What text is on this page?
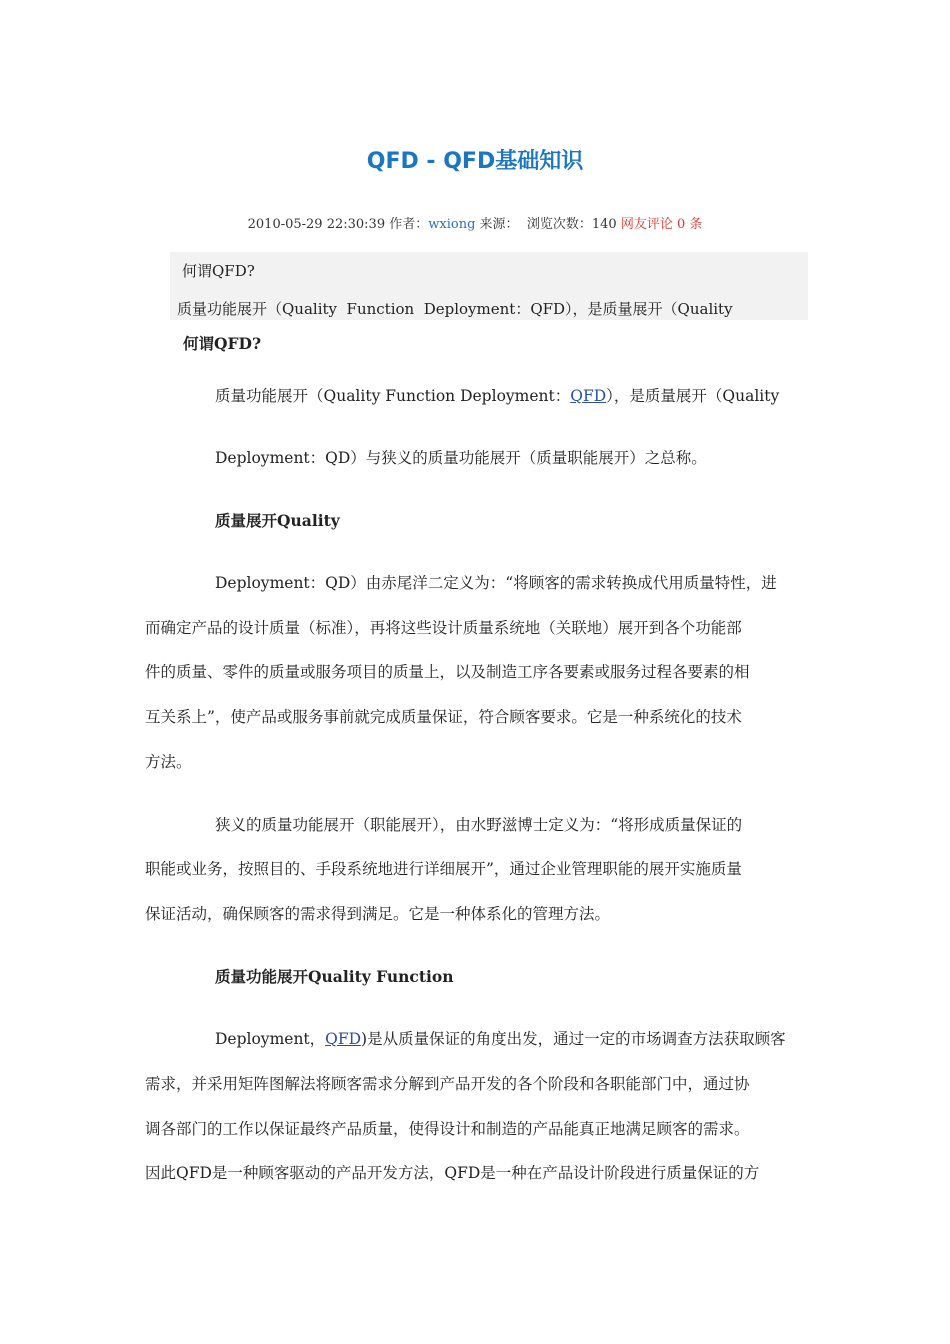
QFD - QFD基础知识
2010-05-29 22:30:39 作者：wxiong 来源： 浏览次数：140 网友评论 0 条
何谓QFD?
质量功能展开（Quality  Function  Deployment：QFD），是质量展开（Quality
何谓QFD?
质量功能展开（Quality Function Deployment：QFD），是质量展开（Quality
Deployment：QD）与狭义的质量功能展开（质量职能展开）之总称。
质量展开Quality
Deployment：QD）由赤尾洋二定义为：“将顾客的需求转换成代用质量特性，进
而确定产品的设计质量（标准），再将这些设计质量系统地（关联地）展开到各个功能部
件的质量、零件的质量或服务项目的质量上，以及制造工序各要素或服务过程各要素的相
互关系上”，使产品或服务事前就完成质量保证，符合顾客要求。它是一种系统化的技术
方法。
狭义的质量功能展开（职能展开），由水野滋博士定义为：“将形成质量保证的
职能或业务，按照目的、手段系统地进行详细展开”，通过企业管理职能的展开实施质量
保证活动，确保顾客的需求得到满足。它是一种体系化的管理方法。
质量功能展开Quality Function
Deployment，QFD)是从质量保证的角度出发，通过一定的市场调查方法获取顾客
需求，并采用矩阵图解法将顾客需求分解到产品开发的各个阶段和各职能部门中，通过协
调各部门的工作以保证最终产品质量，使得设计和制造的产品能真正地满足顾客的需求。
因此QFD是一种顾客驱动的产品开发方法，QFD是一种在产品设计阶段进行质量保证的方
